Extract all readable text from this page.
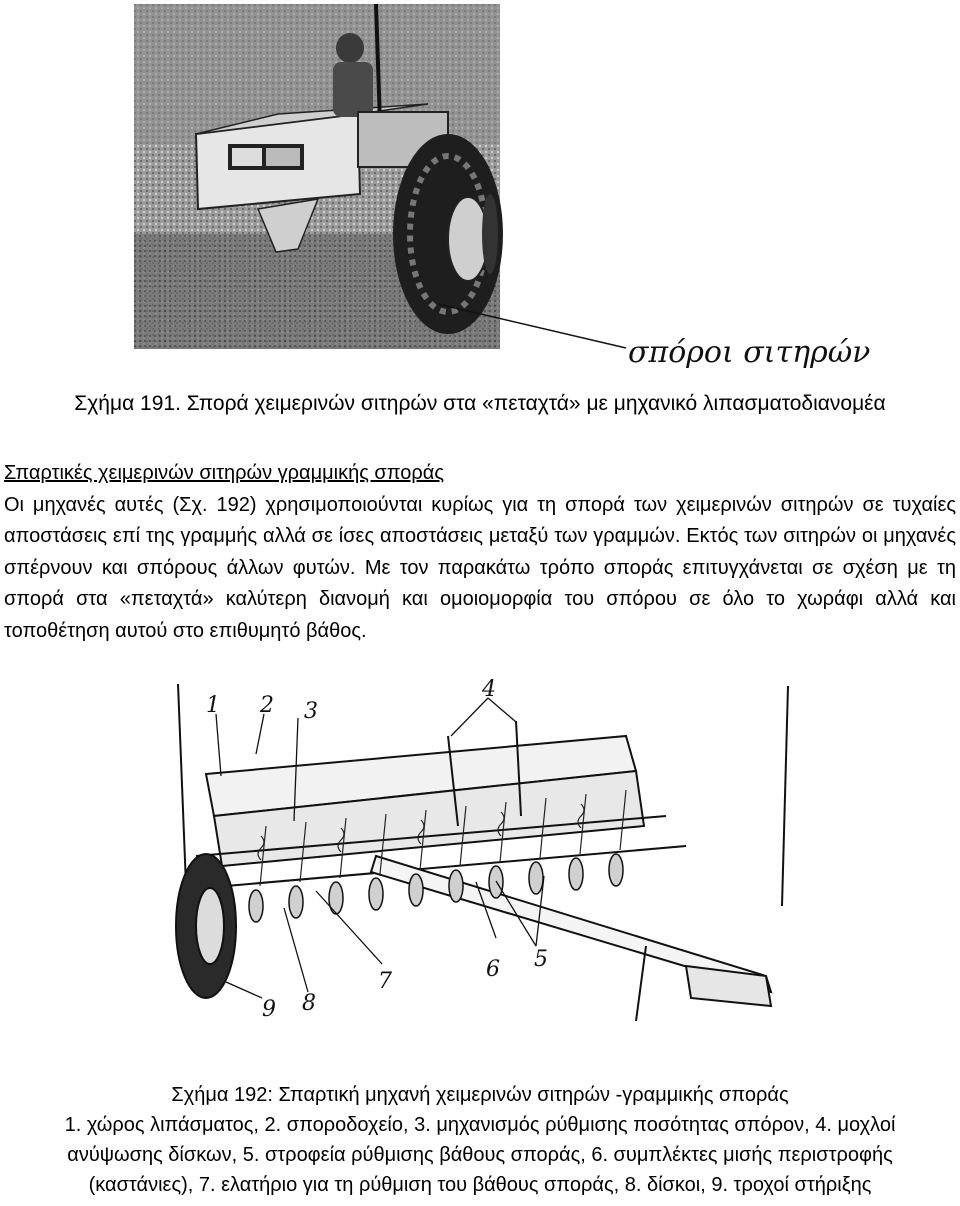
σπόροι σιτηρών
Σχήμα 191. Σπορά χειμερινών σιτηρών στα «πεταχτά» με μηχανικό λιπασματοδιανομέα
Σπαρτικές χειμερινών σιτηρών γραμμικής σποράς
Οι μηχανές αυτές (Σχ. 192) χρησιμοποιούνται κυρίως για τη σπορά των χειμερινών σιτηρών σε τυχαίες αποστάσεις επί της γραμμής αλλά σε ίσες αποστάσεις μεταξύ των γραμμών. Εκτός των σιτηρών οι μηχανές σπέρνουν και σπόρους άλλων φυτών. Με τον παρακάτω τρόπο σποράς επιτυγχάνεται σε σχέση με τη σπορά στα «πεταχτά» καλύτερη διανομή και ομοιομορφία του σπόρου σε όλο το χωράφι αλλά και τοποθέτηση αυτού στο επιθυμητό βάθος.
1 2 3
4
5
6
7
8
9
Σχήμα 192: Σπαρτική μηχανή χειμερινών σιτηρών -γραμμικής σποράς
1. χώρος λιπάσματος, 2. σποροδοχείο, 3. μηχανισμός ρύθμισης ποσότητας σπόρον, 4. μοχλοί ανύψωσης δίσκων, 5. στροφεία ρύθμισης βάθους σποράς, 6. συμπλέκτες μισής περιστροφής (καστάνιες), 7. ελατήριο για τη ρύθμιση του βάθους σποράς, 8. δίσκοι, 9. τροχοί στήριξης
